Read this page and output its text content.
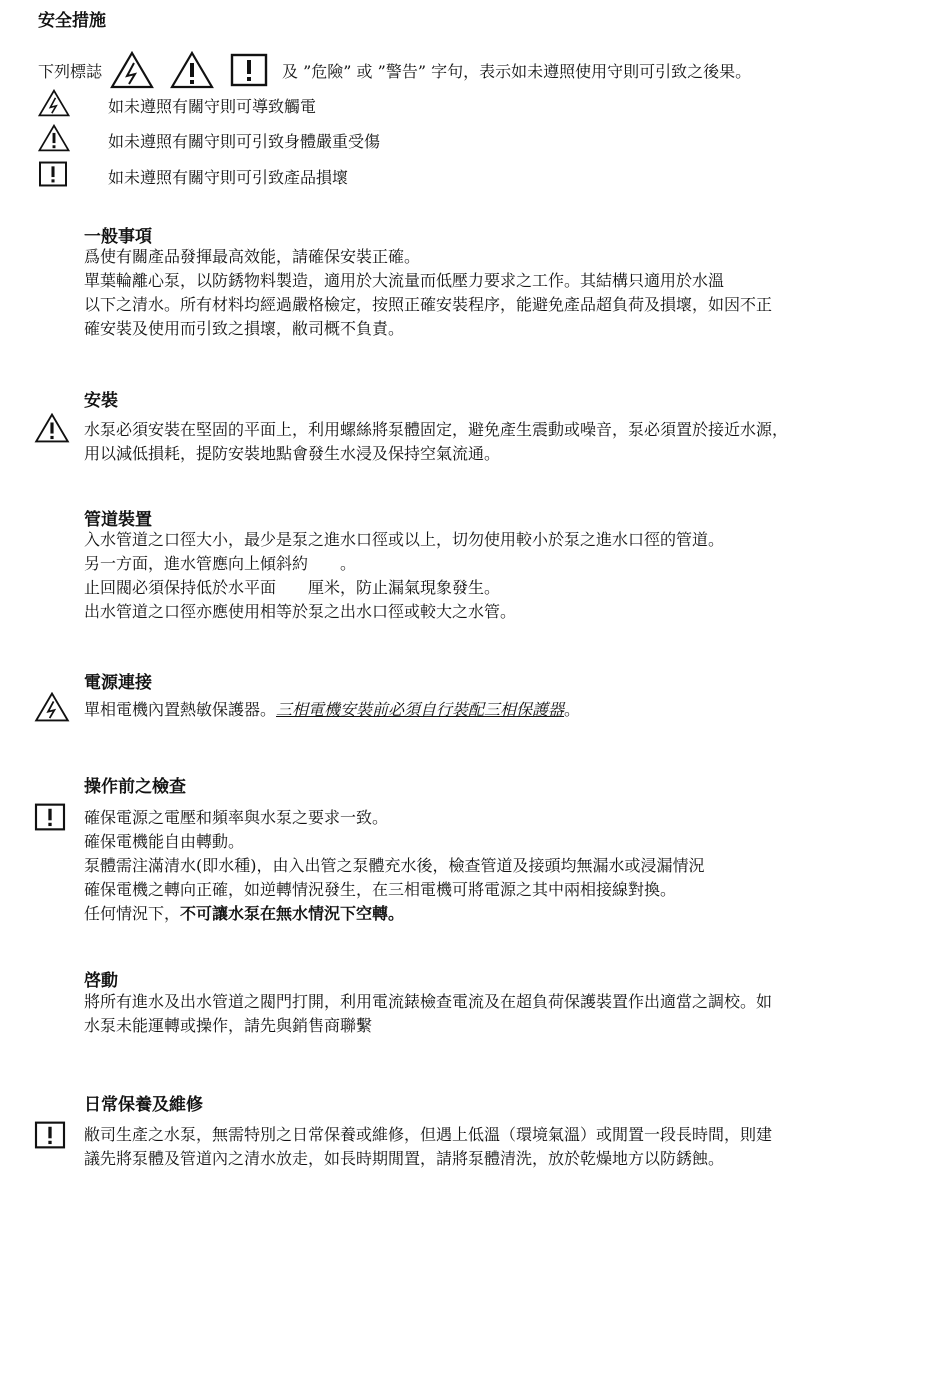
安全措施
下列標誌	及 ”危險” 或 ”警告” 字句，表示如未遵照使用守則可引致之後果。
如未遵照有關守則可導致觸電
如未遵照有關守則可引致身體嚴重受傷
如未遵照有關守則可引致產品損壞
一般事項
爲使有關產品發揮最高效能，請確保安裝正確。
單葉輪離心泵，以防銹物料製造，適用於大流量而低壓力要求之工作。其結構只適用於水溫
以下之清水。所有材料均經過嚴格檢定，按照正確安裝程序，能避免產品超負荷及損壞，如因不正
確安裝及使用而引致之損壞，敝司概不負責。
安裝
水泵必須安裝在堅固的平面上，利用螺絲將泵體固定，避免產生震動或噪音，泵必須置於接近水源，
用以減低損耗，提防安裝地點會發生水浸及保持空氣流通。
管道裝置
入水管道之口徑大小，最少是泵之進水口徑或以上，切勿使用較小於泵之進水口徑的管道。
另一方面，進水管應向上傾斜約　　。
止回閥必須保持低於水平面　　厘米，防止漏氣現象發生。
出水管道之口徑亦應使用相等於泵之出水口徑或較大之水管。
電源連接
單相電機內置熱敏保護器。三相電機安裝前必須自行裝配三相保護器。
操作前之檢查
確保電源之電壓和頻率與水泵之要求一致。
確保電機能自由轉動。
泵體需注滿清水(即水種)，由入出管之泵體充水後，檢查管道及接頭均無漏水或浸漏情況
確保電機之轉向正確，如逆轉情況發生，在三相電機可將電源之其中兩相接線對換。
任何情況下，不可讓水泵在無水情況下空轉。
啓動
將所有進水及出水管道之閥門打開，利用電流錶檢查電流及在超負荷保護裝置作出適當之調校。如
水泵未能運轉或操作，請先與銷售商聯繫
日常保養及維修
敝司生產之水泵，無需特別之日常保養或維修，但遇上低溫（環境氣溫）或閒置一段長時間，則建
議先將泵體及管道內之清水放走，如長時期閒置，請將泵體清洗，放於乾燥地方以防銹蝕。
